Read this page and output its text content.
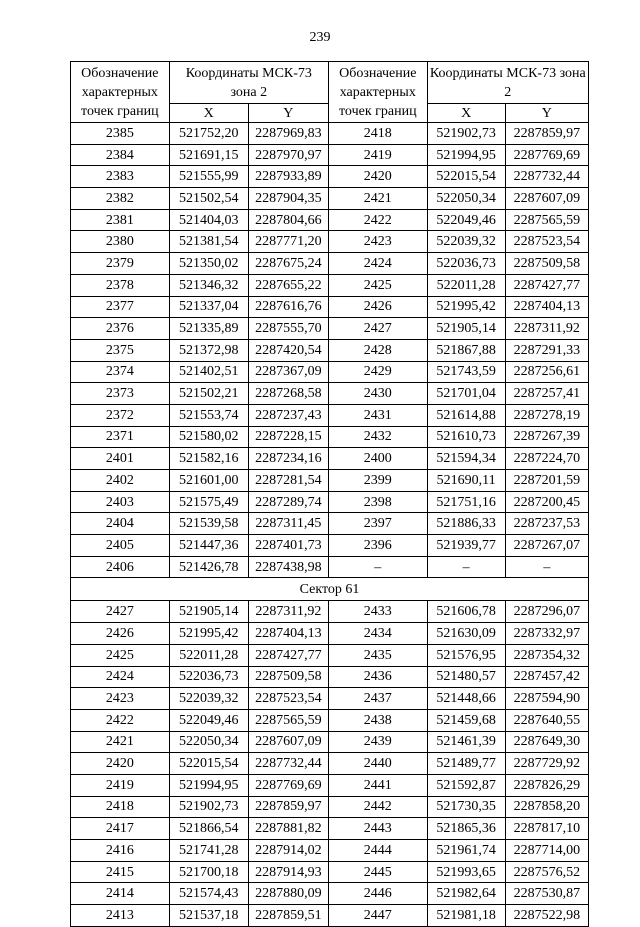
239
Обозначение характерных точек границ	Координаты МСК-73 зона 2		Обозначение характерных точек границ	Координаты МСК-73 зона 2	
	X	Y		X	Y
2385	521752,20	2287969,83	2418	521902,73	2287859,97
2384	521691,15	2287970,97	2419	521994,95	2287769,69
2383	521555,99	2287933,89	2420	522015,54	2287732,44
2382	521502,54	2287904,35	2421	522050,34	2287607,09
2381	521404,03	2287804,66	2422	522049,46	2287565,59
2380	521381,54	2287771,20	2423	522039,32	2287523,54
2379	521350,02	2287675,24	2424	522036,73	2287509,58
2378	521346,32	2287655,22	2425	522011,28	2287427,77
2377	521337,04	2287616,76	2426	521995,42	2287404,13
2376	521335,89	2287555,70	2427	521905,14	2287311,92
2375	521372,98	2287420,54	2428	521867,88	2287291,33
2374	521402,51	2287367,09	2429	521743,59	2287256,61
2373	521502,21	2287268,58	2430	521701,04	2287257,41
2372	521553,74	2287237,43	2431	521614,88	2287278,19
2371	521580,02	2287228,15	2432	521610,73	2287267,39
2401	521582,16	2287234,16	2400	521594,34	2287224,70
2402	521601,00	2287281,54	2399	521690,11	2287201,59
2403	521575,49	2287289,74	2398	521751,16	2287200,45
2404	521539,58	2287311,45	2397	521886,33	2287237,53
2405	521447,36	2287401,73	2396	521939,77	2287267,07
2406	521426,78	2287438,98	–	–	–
Сектор 61					
2427	521905,14	2287311,92	2433	521606,78	2287296,07
2426	521995,42	2287404,13	2434	521630,09	2287332,97
2425	522011,28	2287427,77	2435	521576,95	2287354,32
2424	522036,73	2287509,58	2436	521480,57	2287457,42
2423	522039,32	2287523,54	2437	521448,66	2287594,90
2422	522049,46	2287565,59	2438	521459,68	2287640,55
2421	522050,34	2287607,09	2439	521461,39	2287649,30
2420	522015,54	2287732,44	2440	521489,77	2287729,92
2419	521994,95	2287769,69	2441	521592,87	2287826,29
2418	521902,73	2287859,97	2442	521730,35	2287858,20
2417	521866,54	2287881,82	2443	521865,36	2287817,10
2416	521741,28	2287914,02	2444	521961,74	2287714,00
2415	521700,18	2287914,93	2445	521993,65	2287576,52
2414	521574,43	2287880,09	2446	521982,64	2287530,87
2413	521537,18	2287859,51	2447	521981,18	2287522,98
